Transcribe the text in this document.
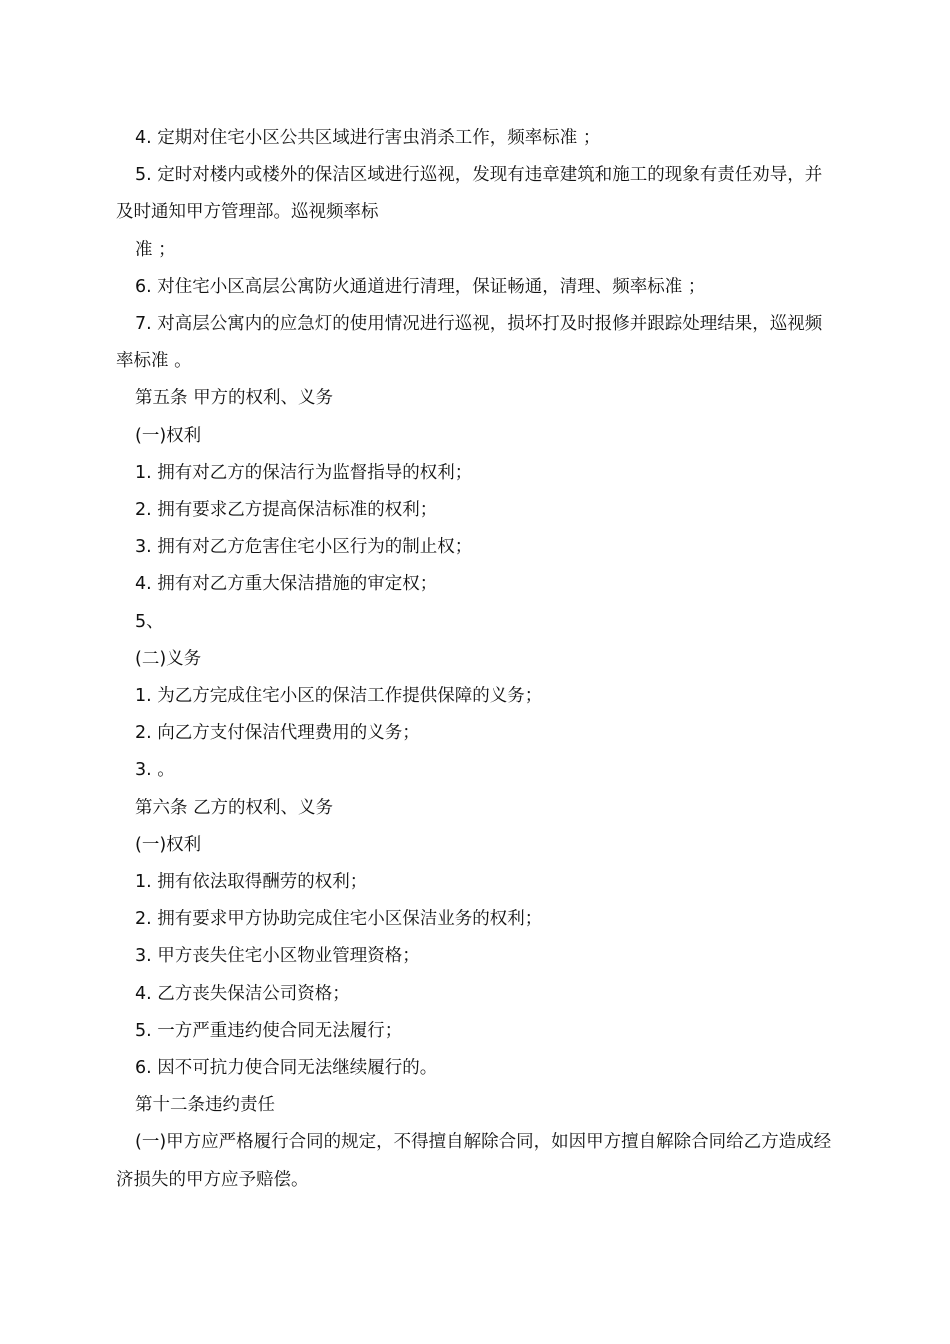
4. 定期对住宅小区公共区域进行害虫消杀工作，频率标准 ；

5. 定时对楼内或楼外的保洁区域进行巡视，发现有违章建筑和施工的现象有责任劝导，并及时通知甲方管理部。巡视频率标

准 ；

6. 对住宅小区高层公寓防火通道进行清理，保证畅通，清理、频率标准 ；

7. 对高层公寓内的应急灯的使用情况进行巡视，损坏打及时报修并跟踪处理结果，巡视频率标准 。

第五条 甲方的权利、义务

(一)权利

1. 拥有对乙方的保洁行为监督指导的权利；

2. 拥有要求乙方提高保洁标准的权利；

3. 拥有对乙方危害住宅小区行为的制止权；

4. 拥有对乙方重大保洁措施的审定权；

5、

(二)义务

1. 为乙方完成住宅小区的保洁工作提供保障的义务；

2. 向乙方支付保洁代理费用的义务；

3. 。

第六条 乙方的权利、义务

(一)权利

1. 拥有依法取得酬劳的权利；

2. 拥有要求甲方协助完成住宅小区保洁业务的权利；

3. 甲方丧失住宅小区物业管理资格；

4. 乙方丧失保洁公司资格；

5. 一方严重违约使合同无法履行；

6. 因不可抗力使合同无法继续履行的。

第十二条违约责任

(一)甲方应严格履行合同的规定，不得擅自解除合同，如因甲方擅自解除合同给乙方造成经济损失的甲方应予赔偿。
